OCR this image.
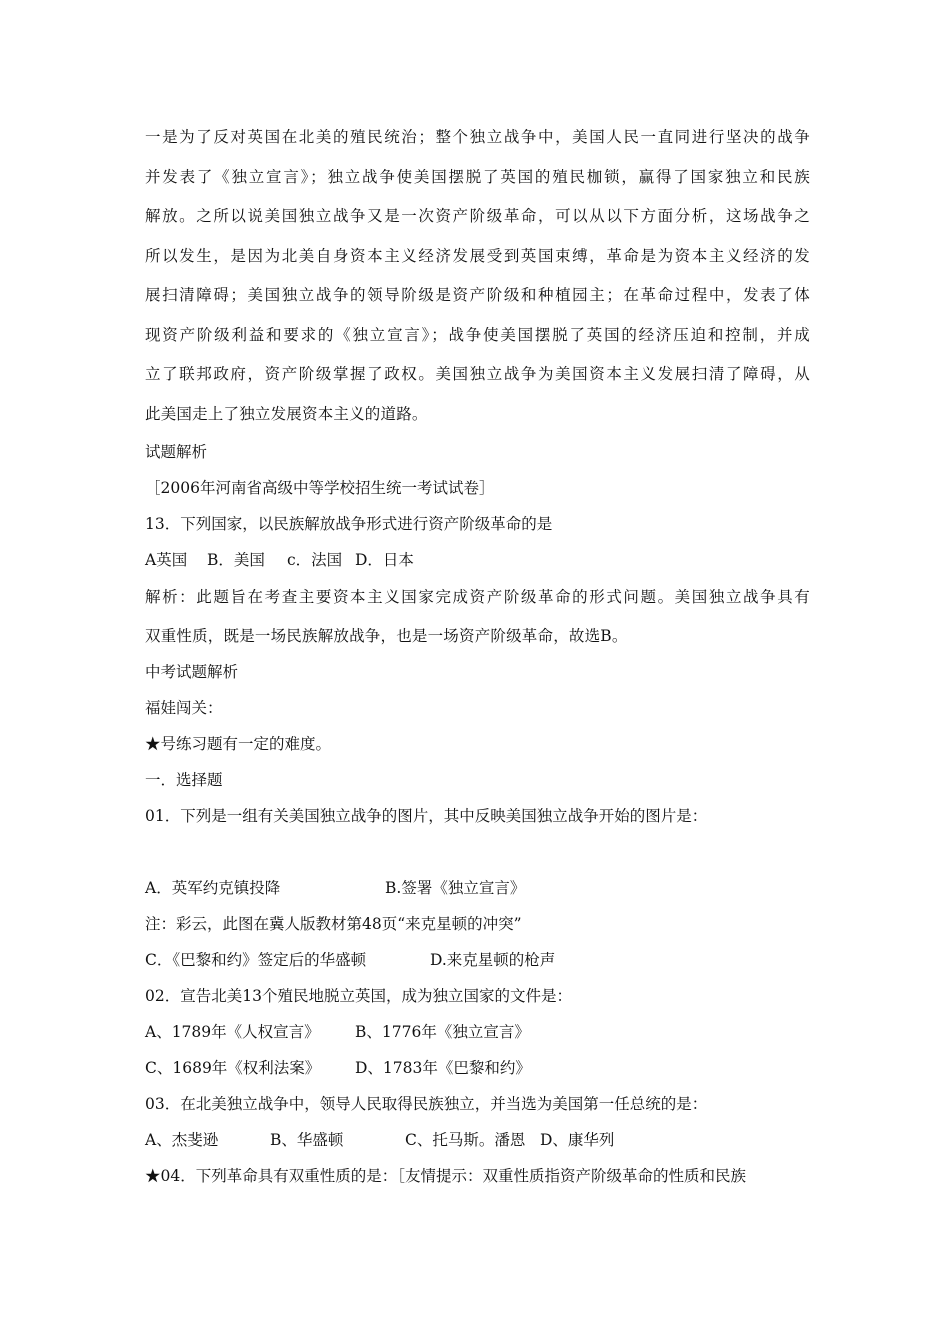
一是为了反对英国在北美的殖民统治；整个独立战争中，美国人民一直同进行坚决的战争

并发表了《独立宣言》；独立战争使美国摆脱了英国的殖民枷锁，赢得了国家独立和民族

解放。之所以说美国独立战争又是一次资产阶级革命，可以从以下方面分析，这场战争之

所以发生，是因为北美自身资本主义经济发展受到英国束缚，革命是为资本主义经济的发

展扫清障碍；美国独立战争的领导阶级是资产阶级和种植园主；在革命过程中，发表了体

现资产阶级利益和要求的《独立宣言》；战争使美国摆脱了英国的经济压迫和控制，并成

立了联邦政府，资产阶级掌握了政权。美国独立战争为美国资本主义发展扫清了障碍，从

此美国走上了独立发展资本主义的道路。

试题解析
［2006年河南省高级中等学校招生统一考试试卷］
13．下列国家，以民族解放战争形式进行资产阶级革命的是
A英国 B．美国 c．法国 D．日本

解析：此题旨在考查主要资本主义国家完成资产阶级革命的形式问题。美国独立战争具有

双重性质，既是一场民族解放战争，也是一场资产阶级革命，故选B。

中考试题解析
福娃闯关：
★号练习题有一定的难度。
一．选择题
01．下列是一组有关美国独立战争的图片，其中反映美国独立战争开始的图片是：
A．英军约克镇投降	B.签署《独立宣言》
注：彩云，此图在冀人版教材第48页“来克星顿的冲突”
C．《巴黎和约》签定后的华盛顿	D.来克星顿的枪声
02．宣告北美13个殖民地脱立英国，成为独立国家的文件是：
A、1789年《人权宣言》 B、1776年《独立宣言》
C、1689年《权利法案》 D、1783年《巴黎和约》
03．在北美独立战争中，领导人民取得民族独立，并当选为美国第一任总统的是：
A、杰斐逊	B、华盛顿	C、托马斯。潘恩 D、康华列
★04．下列革命具有双重性质的是：［友情提示：双重性质指资产阶级革命的性质和民族
